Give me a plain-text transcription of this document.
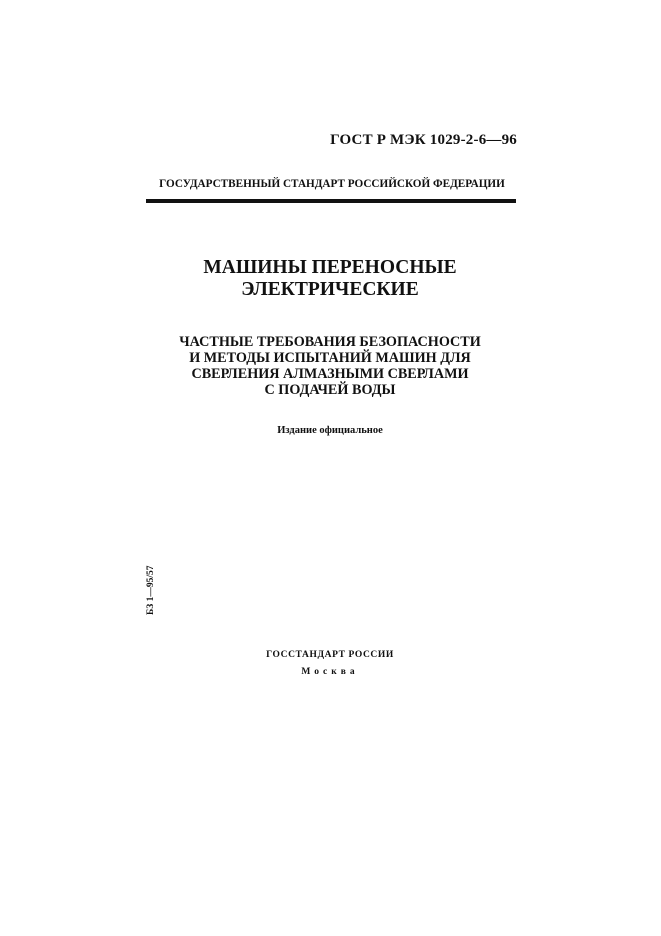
ГОСТ Р МЭК 1029-2-6—96
ГОСУДАРСТВЕННЫЙ СТАНДАРТ РОССИЙСКОЙ ФЕДЕРАЦИИ
МАШИНЫ ПЕРЕНОСНЫЕ
ЭЛЕКТРИЧЕСКИЕ
ЧАСТНЫЕ ТРЕБОВАНИЯ БЕЗОПАСНОСТИ
И МЕТОДЫ ИСПЫТАНИЙ МАШИН ДЛЯ
СВЕРЛЕНИЯ АЛМАЗНЫМИ СВЕРЛАМИ
С ПОДАЧЕЙ ВОДЫ
Издание официальное
БЗ 1—95/57
ГОССТАНДАРТ РОССИИ
Москва
